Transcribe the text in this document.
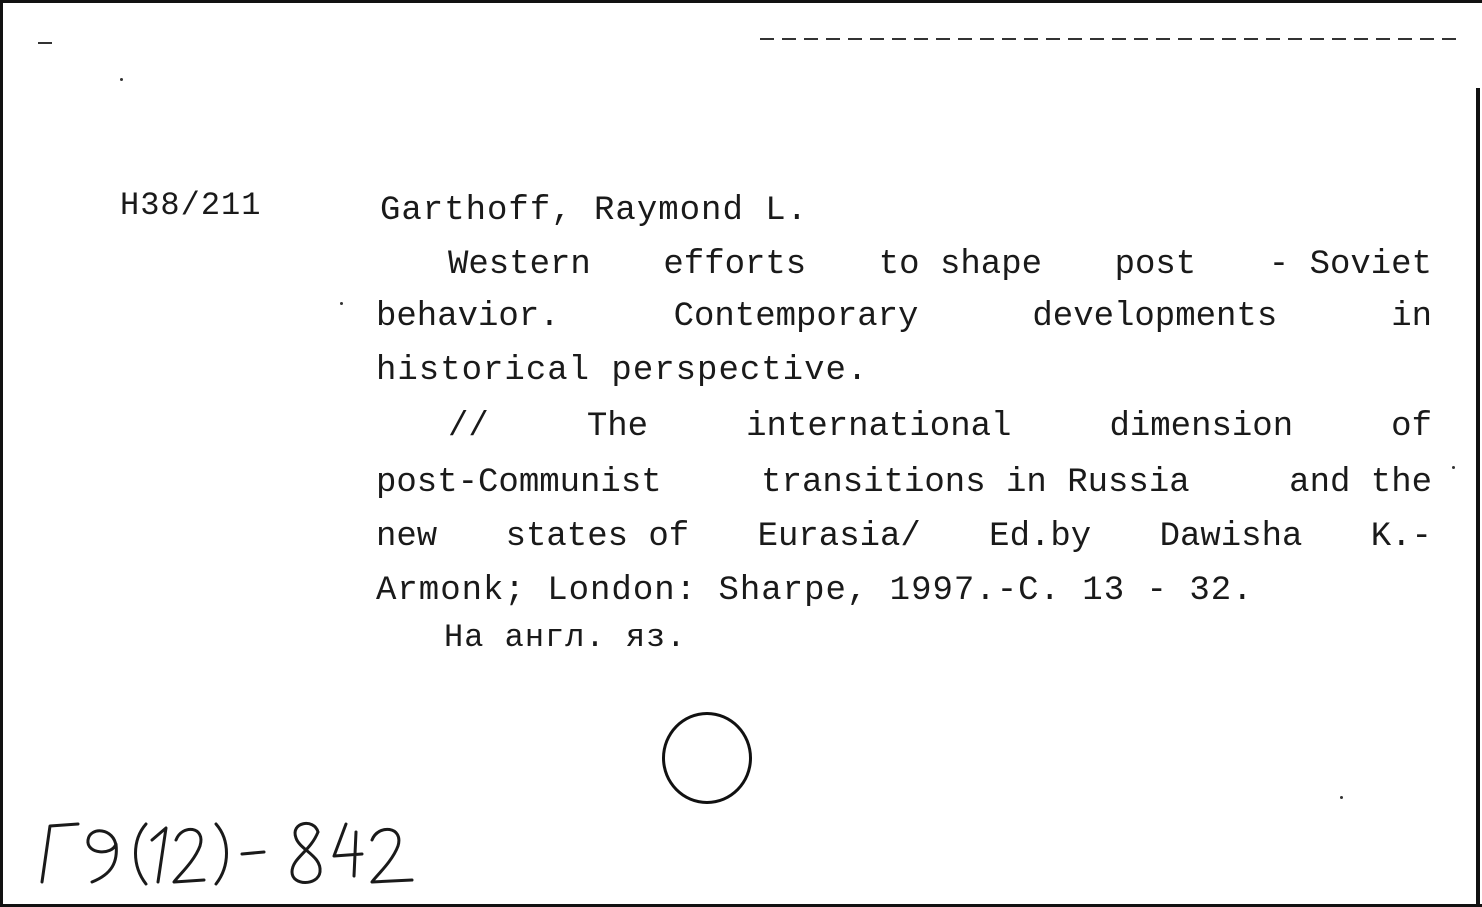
H38/211	Garthoff, Raymond L.
Western efforts to shape post - Soviet
behavior.	Contemporary	developments	in
historical perspective.
//	The	international	dimension	of
post-Communist	transitions in Russia	and the
new states of Eurasia/ Ed.by Dawisha K.-
Armonk; London: Sharpe, 1997.-C. 13 - 32.
На англ. яз.
